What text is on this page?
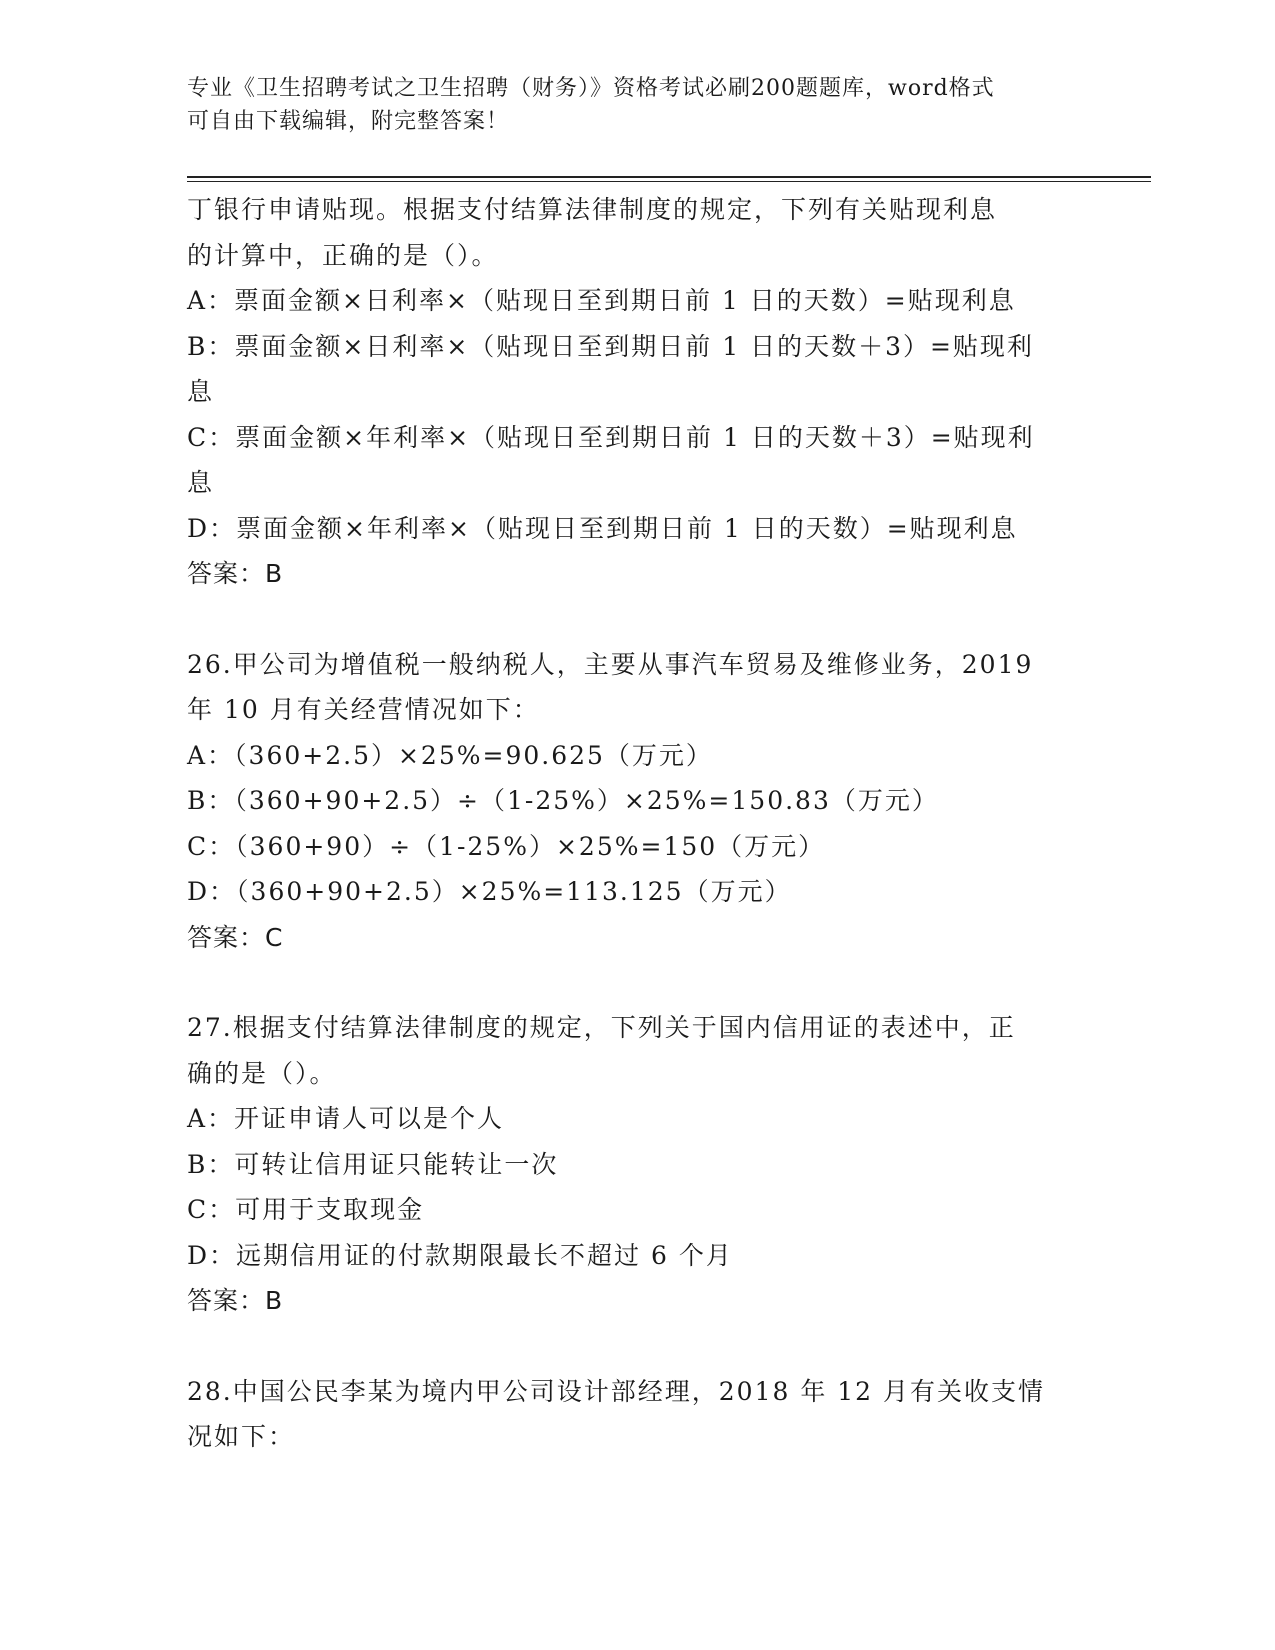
专业《卫生招聘考试之卫生招聘（财务）》资格考试必刷200题题库，word格式
可自由下载编辑，附完整答案！
丁银行申请贴现。根据支付结算法律制度的规定，下列有关贴现利息
的计算中，正确的是（）。
A：票面金额×日利率×（贴现日至到期日前 1 日的天数）=贴现利息
B：票面金额×日利率×（贴现日至到期日前 1 日的天数＋3）=贴现利
息
C：票面金额×年利率×（贴现日至到期日前 1 日的天数＋3）=贴现利
息
D：票面金额×年利率×（贴现日至到期日前 1 日的天数）=贴现利息
答案：B
26.甲公司为增值税一般纳税人，主要从事汽车贸易及维修业务，2019
年 10 月有关经营情况如下：
A：（360+2.5）×25%=90.625（万元）
B：（360+90+2.5）÷（1-25%）×25%=150.83（万元）
C：（360+90）÷（1-25%）×25%=150（万元）
D：（360+90+2.5）×25%=113.125（万元）
答案：C
27.根据支付结算法律制度的规定，下列关于国内信用证的表述中，正
确的是（）。
A：开证申请人可以是个人
B：可转让信用证只能转让一次
C：可用于支取现金
D：远期信用证的付款期限最长不超过 6 个月
答案：B
28.中国公民李某为境内甲公司设计部经理，2018 年 12 月有关收支情
况如下：
